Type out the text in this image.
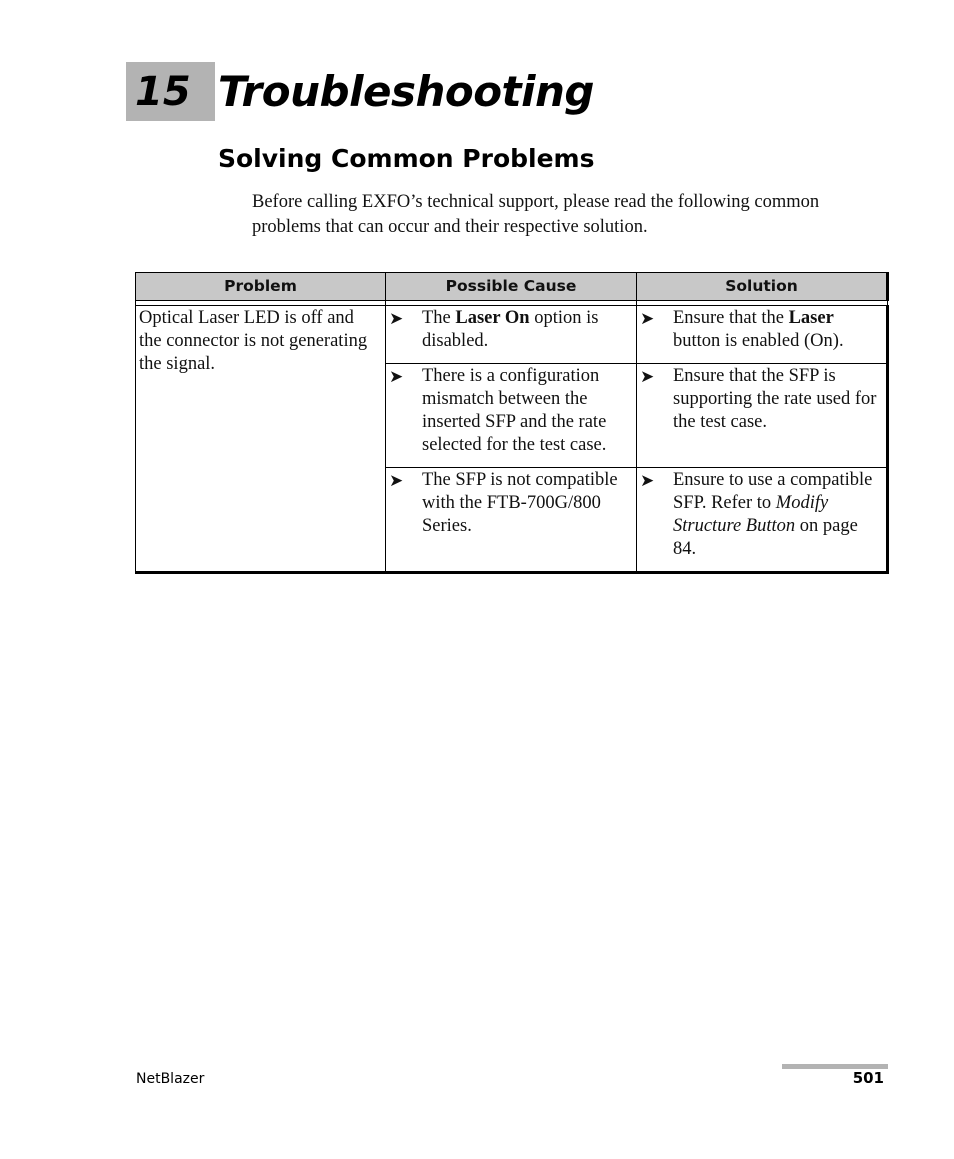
15 Troubleshooting
Solving Common Problems
Before calling EXFO’s technical support, please read the following common problems that can occur and their respective solution.
Problem	Possible Cause	Solution

Optical Laser LED is off and the connector is not generating the signal.	➤ The Laser On option is disabled.	➤ Ensure that the Laser button is enabled (On).

	➤ There is a configuration mismatch between the inserted SFP and the rate selected for the test case.	➤ Ensure that the SFP is supporting the rate used for the test case.

	➤ The SFP is not compatible with the FTB-700G/800 Series.	➤ Ensure to use a compatible SFP. Refer to Modify Structure Button on page 84.
NetBlazer	501
